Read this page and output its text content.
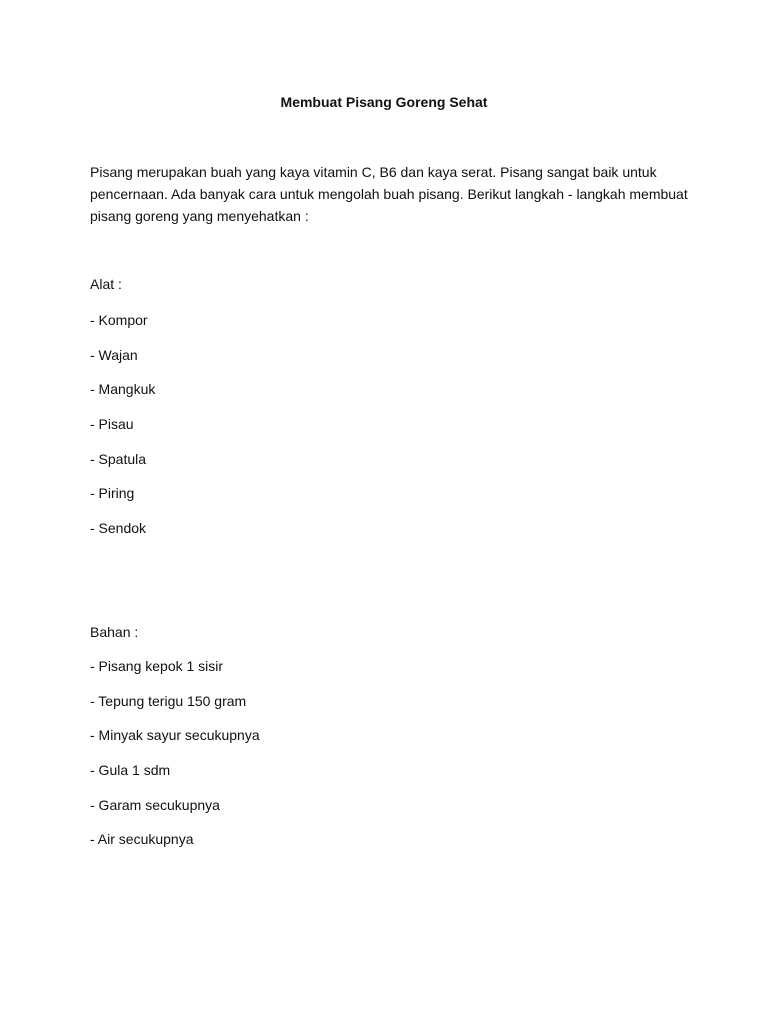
Membuat Pisang Goreng Sehat
Pisang merupakan buah yang kaya vitamin C, B6 dan kaya serat. Pisang sangat baik untuk
pencernaan. Ada banyak cara untuk mengolah buah pisang. Berikut langkah - langkah membuat
pisang goreng yang menyehatkan :
Alat :
- Kompor
- Wajan
- Mangkuk
- Pisau
- Spatula
- Piring
- Sendok
Bahan :
- Pisang kepok 1 sisir
- Tepung terigu 150 gram
- Minyak sayur secukupnya
- Gula 1 sdm
- Garam secukupnya
- Air secukupnya
